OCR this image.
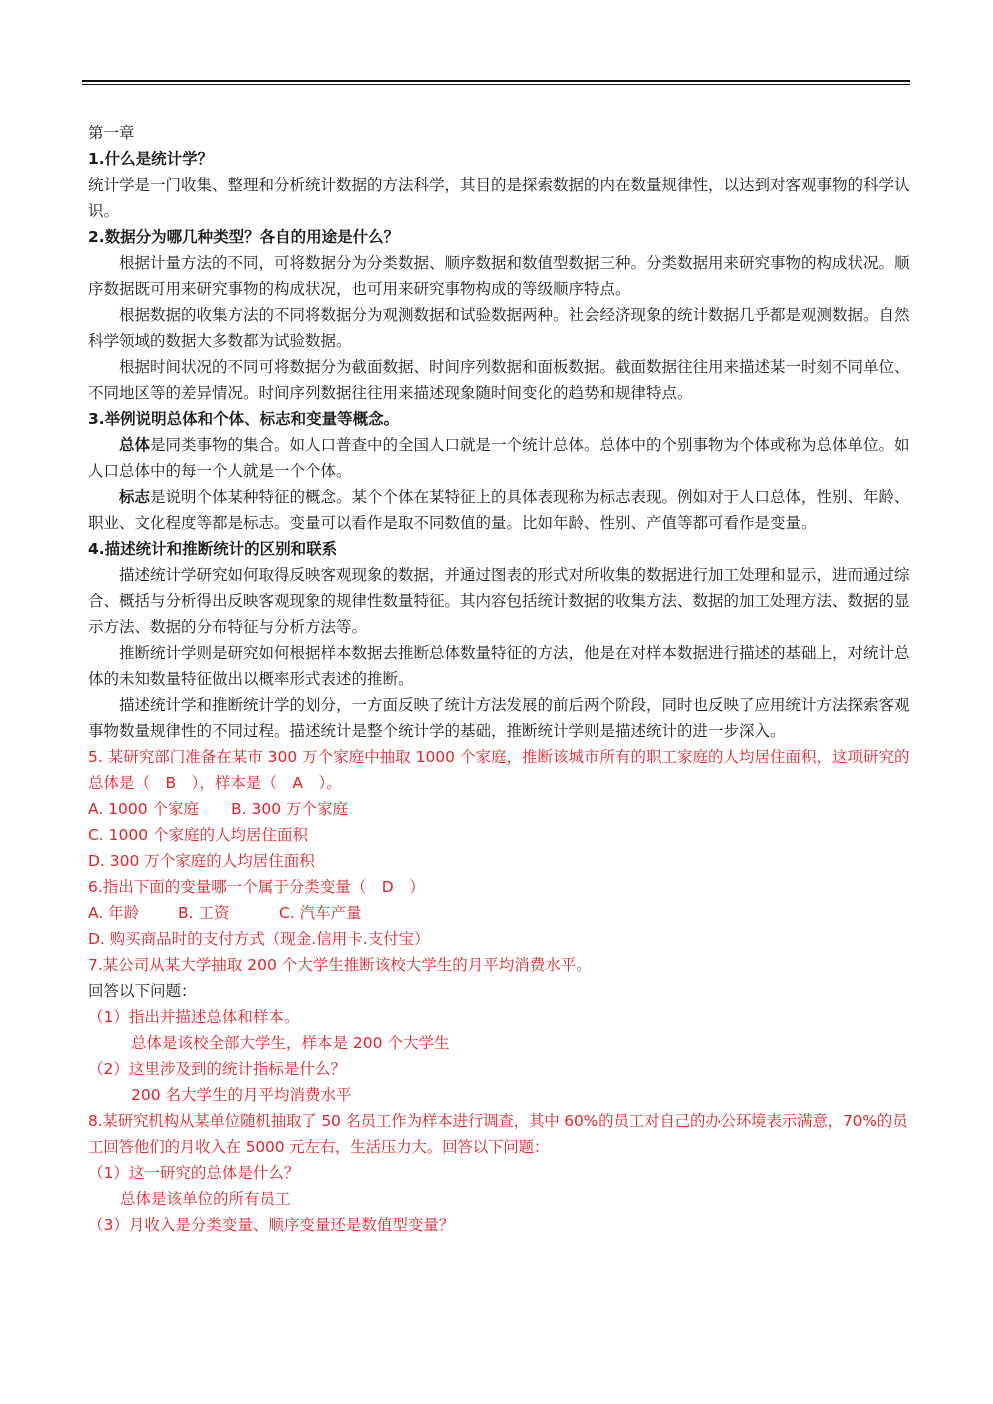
第一章

1.什么是统计学？

统计学是一门收集、整理和分析统计数据的方法科学，其目的是探索数据的内在数量规律性，以达到对客观事物的科学认识。

2.数据分为哪几种类型？各自的用途是什么？

根据计量方法的不同，可将数据分为分类数据、顺序数据和数值型数据三种。分类数据用来研究事物的构成状况。顺序数据既可用来研究事物的构成状况，也可用来研究事物构成的等级顺序特点。

根据数据的收集方法的不同将数据分为观测数据和试验数据两种。社会经济现象的统计数据几乎都是观测数据。自然科学领域的数据大多数都为试验数据。

根据时间状况的不同可将数据分为截面数据、时间序列数据和面板数据。截面数据往往用来描述某一时刻不同单位、不同地区等的差异情况。时间序列数据往往用来描述现象随时间变化的趋势和规律特点。

3.举例说明总体和个体、标志和变量等概念。

总体是同类事物的集合。如人口普查中的全国人口就是一个统计总体。总体中的个别事物为个体或称为总体单位。如人口总体中的每一个人就是一个个体。

标志是说明个体某种特征的概念。某个个体在某特征上的具体表现称为标志表现。例如对于人口总体，性别、年龄、职业、文化程度等都是标志。变量可以看作是取不同数值的量。比如年龄、性别、产值等都可看作是变量。

4.描述统计和推断统计的区别和联系

描述统计学研究如何取得反映客观现象的数据，并通过图表的形式对所收集的数据进行加工处理和显示，进而通过综合、概括与分析得出反映客观现象的规律性数量特征。其内容包括统计数据的收集方法、数据的加工处理方法、数据的显示方法、数据的分布特征与分析方法等。

推断统计学则是研究如何根据样本数据去推断总体数量特征的方法，他是在对样本数据进行描述的基础上，对统计总体的未知数量特征做出以概率形式表述的推断。

描述统计学和推断统计学的划分，一方面反映了统计方法发展的前后两个阶段，同时也反映了应用统计方法探索客观事物数量规律性的不同过程。描述统计是整个统计学的基础，推断统计学则是描述统计的进一步深入。

5. 某研究部门准备在某市 300 万个家庭中抽取 1000 个家庭，推断该城市所有的职工家庭的人均居住面积，这项研究的总体是（　B　），样本是（　A　）。

A. 1000 个家庭 B. 300 万个家庭

C. 1000 个家庭的人均居住面积

D. 300 万个家庭的人均居住面积

6.指出下面的变量哪一个属于分类变量（　D　）

A. 年龄	B. 工资	C. 汽车产量

D. 购买商品时的支付方式（现金.信用卡.支付宝）

7.某公司从某大学抽取 200 个大学生推断该校大学生的月平均消费水平。

回答以下问题：

（1）指出并描述总体和样本。

总体是该校全部大学生，样本是 200 个大学生

（2）这里涉及到的统计指标是什么？

200 名大学生的月平均消费水平

8.某研究机构从某单位随机抽取了 50 名员工作为样本进行调查，其中 60%的员工对自己的办公环境表示满意，70%的员工回答他们的月收入在 5000 元左右，生活压力大。回答以下问题：

（1）这一研究的总体是什么？

总体是该单位的所有员工

（3）月收入是分类变量、顺序变量还是数值型变量？
